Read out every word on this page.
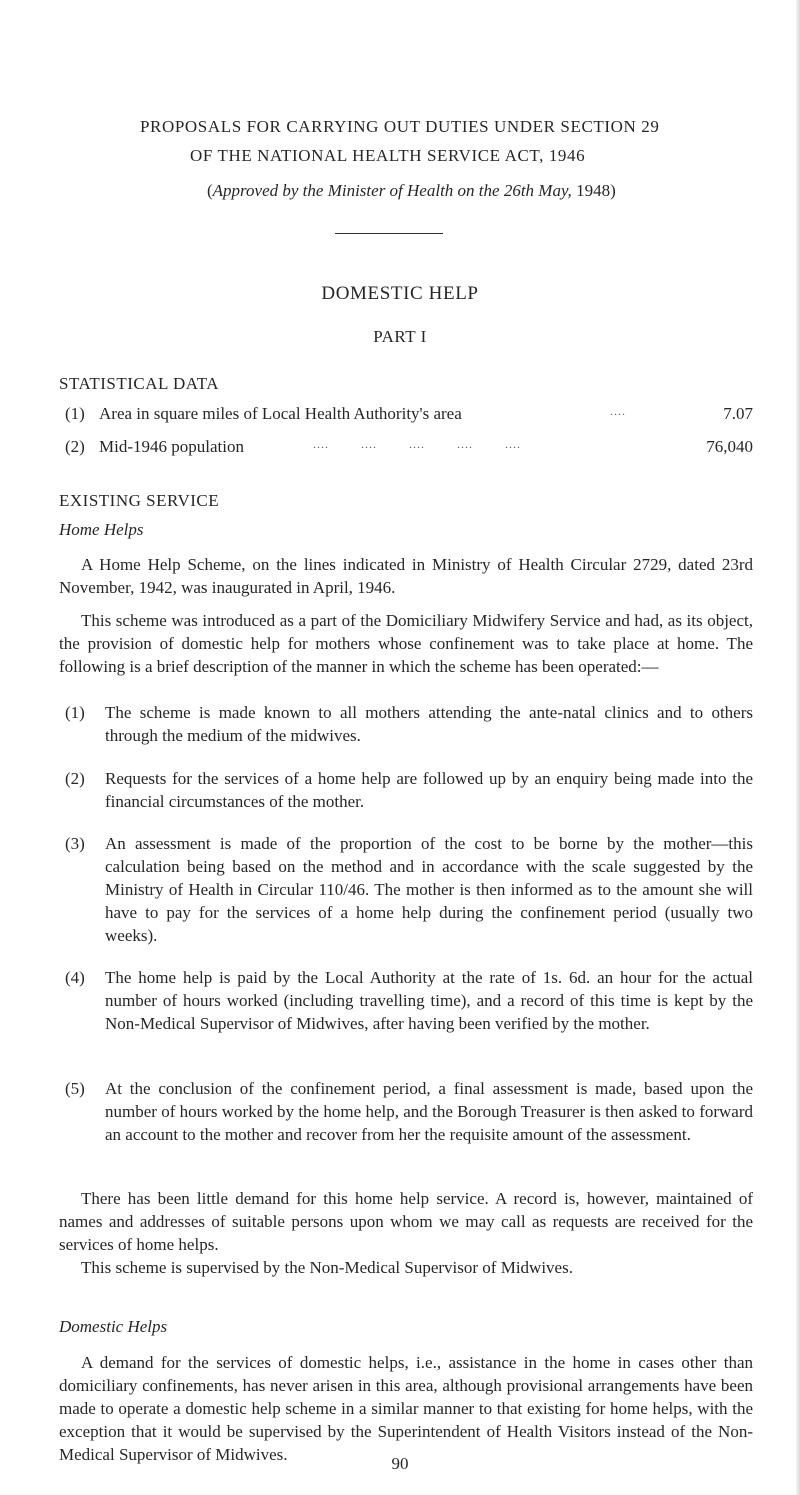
PROPOSALS FOR CARRYING OUT DUTIES UNDER SECTION 29
OF THE NATIONAL HEALTH SERVICE ACT, 1946
(Approved by the Minister of Health on the 26th May, 1948)
DOMESTIC HELP
PART I
STATISTICAL DATA
(1) Area in square miles of Local Health Authority's area	....	7.07
(2) Mid-1946 population	.... .... .... .... ....	76,040
EXISTING SERVICE
Home Helps

A Home Help Scheme, on the lines indicated in Ministry of Health Circular 2729, dated 23rd November, 1942, was inaugurated in April, 1946.

This scheme was introduced as a part of the Domiciliary Midwifery Service and had, as its object, the provision of domestic help for mothers whose confinement was to take place at home. The following is a brief description of the manner in which the scheme has been operated:—

(1) The scheme is made known to all mothers attending the ante-natal clinics and to others through the medium of the midwives.
(2) Requests for the services of a home help are followed up by an enquiry being made into the financial circumstances of the mother.
(3) An assessment is made of the proportion of the cost to be borne by the mother—this calculation being based on the method and in accordance with the scale suggested by the Ministry of Health in Circular 110/46. The mother is then informed as to the amount she will have to pay for the services of a home help during the confinement period (usually two weeks).
(4) The home help is paid by the Local Authority at the rate of 1s. 6d. an hour for the actual number of hours worked (including travelling time), and a record of this time is kept by the Non-Medical Supervisor of Midwives, after having been verified by the mother.
(5) At the conclusion of the confinement period, a final assessment is made, based upon the number of hours worked by the home help, and the Borough Treasurer is then asked to forward an account to the mother and recover from her the requisite amount of the assessment.

There has been little demand for this home help service. A record is, however, maintained of names and addresses of suitable persons upon whom we may call as requests are received for the services of home helps.

This scheme is supervised by the Non-Medical Supervisor of Midwives.

Domestic Helps

A demand for the services of domestic helps, i.e., assistance in the home in cases other than domiciliary confinements, has never arisen in this area, although provisional arrangements have been made to operate a domestic help scheme in a similar manner to that existing for home helps, with the exception that it would be supervised by the Superintendent of Health Visitors instead of the Non-Medical Supervisor of Midwives.	90
